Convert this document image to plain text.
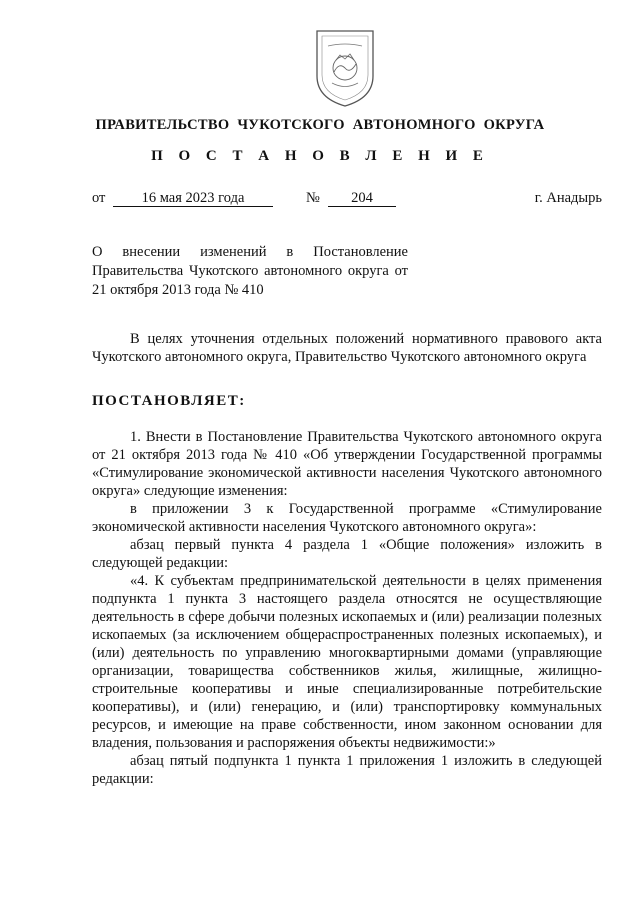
ПРАВИТЕЛЬСТВО ЧУКОТСКОГО АВТОНОМНОГО ОКРУГА
П О С Т А Н О В Л Е Н И Е
от	16 мая 2023 года	№	204	г. Анадырь
О внесении изменений в Постановление Правительства Чукотского автономного округа от 21 октября 2013 года № 410

В целях уточнения отдельных положений нормативного правового акта Чукотского автономного округа, Правительство Чукотского автономного округа

ПОСТАНОВЛЯЕТ:

1. Внести в Постановление Правительства Чукотского автономного округа от 21 октября 2013 года № 410 «Об утверждении Государственной программы «Стимулирование экономической активности населения Чукотского автономного округа» следующие изменения:

в приложении 3 к Государственной программе «Стимулирование экономической активности населения Чукотского автономного округа»:

абзац первый пункта 4 раздела 1 «Общие положения» изложить в следующей редакции:

«4. К субъектам предпринимательской деятельности в целях применения подпункта 1 пункта 3 настоящего раздела относятся не осуществляющие деятельность в сфере добычи полезных ископаемых и (или) реализации полезных ископаемых (за исключением общераспространенных полезных ископаемых), и (или) деятельность по управлению многоквартирными домами (управляющие организации, товарищества собственников жилья, жилищные, жилищно-строительные кооперативы и иные специализированные потребительские кооперативы), и (или) генерацию, и (или) транспортировку коммунальных ресурсов, и имеющие на праве собственности, ином законном основании для владения, пользования и распоряжения объекты недвижимости:»

абзац пятый подпункта 1 пункта 1 приложения 1 изложить в следующей редакции:
